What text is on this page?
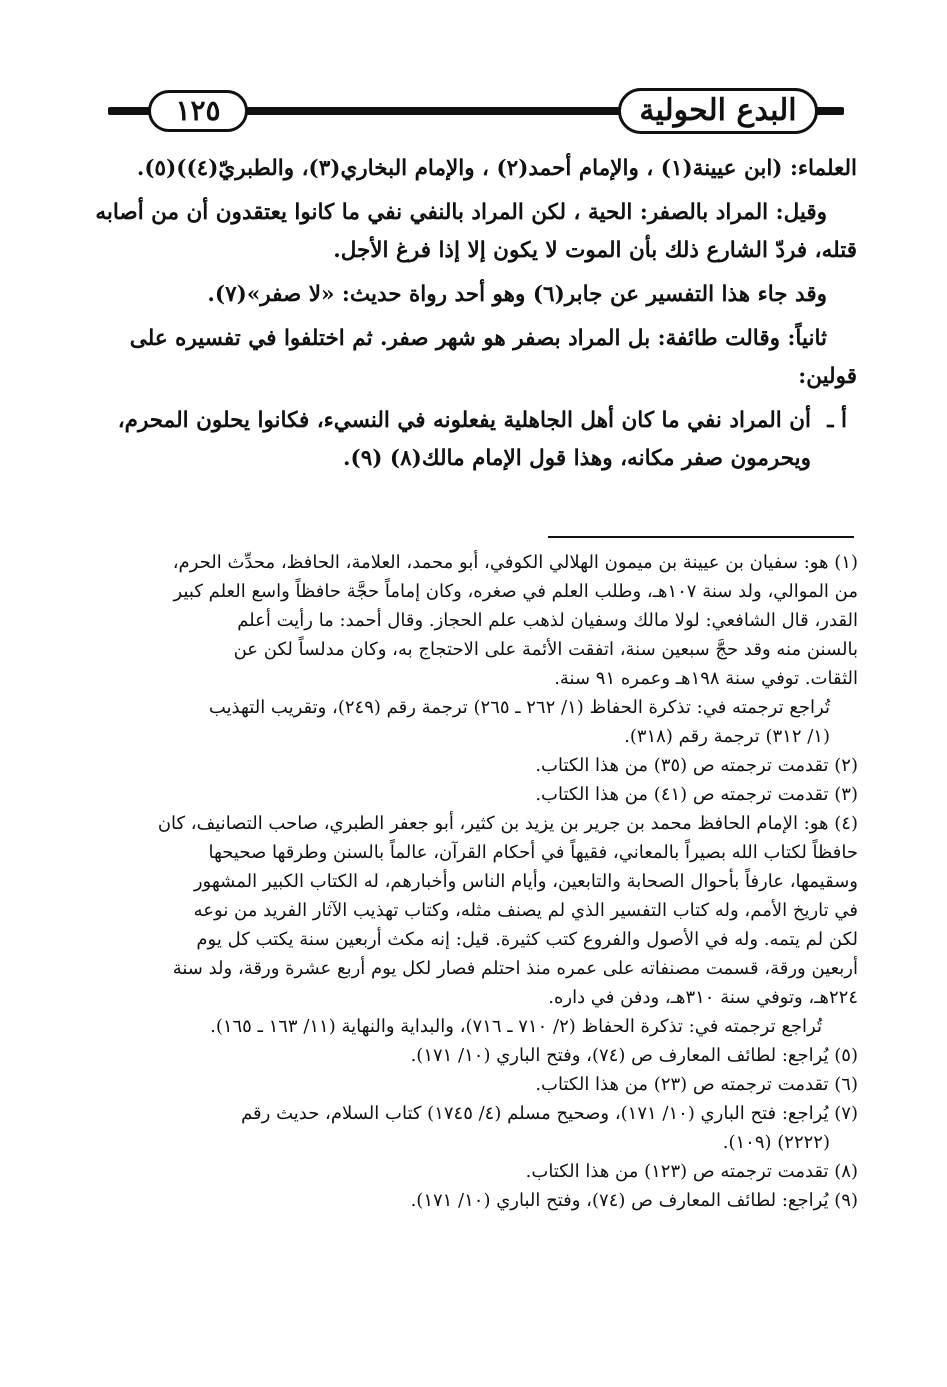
١٢٥	البدع الحولية
العلماء: (ابن عيينة(١) ، والإمام أحمد(٢) ، والإمام البخاري(٣)، والطبريّ(٤))(٥).
وقيل: المراد بالصفر: الحية ، لكن المراد بالنفي نفي ما كانوا يعتقدون أن من أصابه
قتله، فردّ الشارع ذلك بأن الموت لا يكون إلا إذا فرغ الأجل.
وقد جاء هذا التفسير عن جابر(٦) وهو أحد رواة حديث: «لا صفر»(٧).
ثانياً: وقالت طائفة: بل المراد بصفر هو شهر صفر. ثم اختلفوا في تفسيره على
قولين:
أ ـ
أن المراد نفي ما كان أهل الجاهلية يفعلونه في النسيء، فكانوا يحلون المحرم،
ويحرمون صفر مكانه، وهذا قول الإمام مالك(٨) (٩).
(١) هو: سفيان بن عيينة بن ميمون الهلالي الكوفي، أبو محمد، العلامة، الحافظ، محدِّث الحرم،
من الموالي، ولد سنة ١٠٧هـ، وطلب العلم في صغره، وكان إماماً حجَّة حافظاً واسع العلم كبير
القدر، قال الشافعي: لولا مالك وسفيان لذهب علم الحجاز. وقال أحمد: ما رأيت أعلم
بالسنن منه وقد حجَّ سبعين سنة، اتفقت الأئمة على الاحتجاج به، وكان مدلساً لكن عن
الثقات. توفي سنة ١٩٨هـ وعمره ٩١ سنة.
تُراجع ترجمته في: تذكرة الحفاظ (١/ ٢٦٢ ـ ٢٦٥) ترجمة رقم (٢٤٩)، وتقريب التهذيب
(١/ ٣١٢) ترجمة رقم (٣١٨).
(٢) تقدمت ترجمته ص (٣٥) من هذا الكتاب.
(٣) تقدمت ترجمته ص (٤١) من هذا الكتاب.
(٤) هو: الإمام الحافظ محمد بن جرير بن يزيد بن كثير، أبو جعفر الطبري، صاحب التصانيف، كان
حافظاً لكتاب الله بصيراً بالمعاني، فقيهاً في أحكام القرآن، عالماً بالسنن وطرقها صحيحها
وسقيمها، عارفاً بأحوال الصحابة والتابعين، وأيام الناس وأخبارهم، له الكتاب الكبير المشهور
في تاريخ الأمم، وله كتاب التفسير الذي لم يصنف مثله، وكتاب تهذيب الآثار الفريد من نوعه
لكن لم يتمه. وله في الأصول والفروع كتب كثيرة. قيل: إنه مكث أربعين سنة يكتب كل يوم
أربعين ورقة، قسمت مصنفاته على عمره منذ احتلم فصار لكل يوم أربع عشرة ورقة، ولد سنة
٢٢٤هـ، وتوفي سنة ٣١٠هـ، ودفن في داره.
تُراجع ترجمته في: تذكرة الحفاظ (٢/ ٧١٠ ـ ٧١٦)، والبداية والنهاية (١١/ ١٦٣ ـ ١٦٥).
(٥) يُراجع: لطائف المعارف ص (٧٤)، وفتح الباري (١٠/ ١٧١).
(٦) تقدمت ترجمته ص (٢٣) من هذا الكتاب.
(٧) يُراجع: فتح الباري (١٠/ ١٧١)، وصحيح مسلم (٤/ ١٧٤٥) كتاب السلام، حديث رقم
(٢٢٢٢) (١٠٩).
(٨) تقدمت ترجمته ص (١٢٣) من هذا الكتاب.
(٩) يُراجع: لطائف المعارف ص (٧٤)، وفتح الباري (١٠/ ١٧١).
